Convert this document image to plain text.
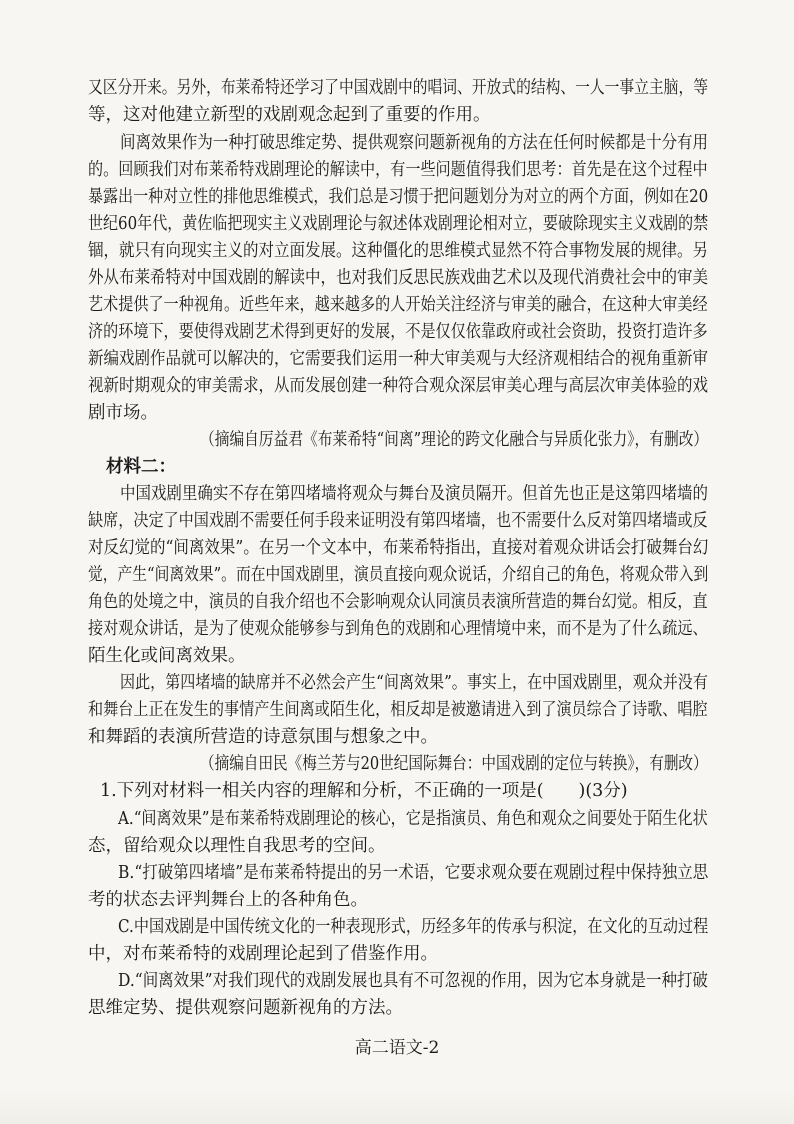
又区分开来。另外，布莱希特还学习了中国戏剧中的唱词、开放式的结构、一人一事立主脑，等
等，这对他建立新型的戏剧观念起到了重要的作用。
间离效果作为一种打破思维定势、提供观察问题新视角的方法在任何时候都是十分有用
的。回顾我们对布莱希特戏剧理论的解读中，有一些问题值得我们思考：首先是在这个过程中
暴露出一种对立性的排他思维模式，我们总是习惯于把问题划分为对立的两个方面，例如在20
世纪60年代，黄佐临把现实主义戏剧理论与叙述体戏剧理论相对立，要破除现实主义戏剧的禁
锢，就只有向现实主义的对立面发展。这种僵化的思维模式显然不符合事物发展的规律。另
外从布莱希特对中国戏剧的解读中，也对我们反思民族戏曲艺术以及现代消费社会中的审美
艺术提供了一种视角。近些年来，越来越多的人开始关注经济与审美的融合，在这种大审美经
济的环境下，要使得戏剧艺术得到更好的发展，不是仅仅依靠政府或社会资助，投资打造许多
新编戏剧作品就可以解决的，它需要我们运用一种大审美观与大经济观相结合的视角重新审
视新时期观众的审美需求，从而发展创建一种符合观众深层审美心理与高层次审美体验的戏
剧市场。
（摘编自厉益君《布莱希特“间离”理论的跨文化融合与异质化张力》，有删改）
材料二：
中国戏剧里确实不存在第四堵墙将观众与舞台及演员隔开。但首先也正是这第四堵墙的
缺席，决定了中国戏剧不需要任何手段来证明没有第四堵墙，也不需要什么反对第四堵墙或反
对反幻觉的“间离效果”。在另一个文本中，布莱希特指出，直接对着观众讲话会打破舞台幻
觉，产生“间离效果”。而在中国戏剧里，演员直接向观众说话，介绍自己的角色，将观众带入到
角色的处境之中，演员的自我介绍也不会影响观众认同演员表演所营造的舞台幻觉。相反，直
接对观众讲话，是为了使观众能够参与到角色的戏剧和心理情境中来，而不是为了什么疏远、
陌生化或间离效果。
因此，第四堵墙的缺席并不必然会产生“间离效果”。事实上，在中国戏剧里，观众并没有
和舞台上正在发生的事情产生间离或陌生化，相反却是被邀请进入到了演员综合了诗歌、唱腔
和舞蹈的表演所营造的诗意氛围与想象之中。
（摘编自田民《梅兰芳与20世纪国际舞台：中国戏剧的定位与转换》，有删改）
1.下列对材料一相关内容的理解和分析，不正确的一项是(　　)(3分)
A.“间离效果”是布莱希特戏剧理论的核心，它是指演员、角色和观众之间要处于陌生化状
态，留给观众以理性自我思考的空间。
B.“打破第四堵墙”是布莱希特提出的另一术语，它要求观众要在观剧过程中保持独立思
考的状态去评判舞台上的各种角色。
C.中国戏剧是中国传统文化的一种表现形式，历经多年的传承与积淀，在文化的互动过程
中，对布莱希特的戏剧理论起到了借鉴作用。
D.“间离效果”对我们现代的戏剧发展也具有不可忽视的作用，因为它本身就是一种打破
思维定势、提供观察问题新视角的方法。
高二语文-2
